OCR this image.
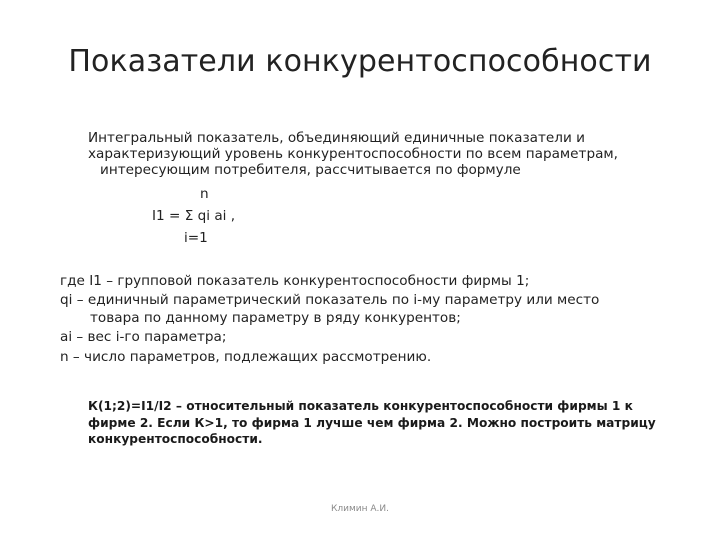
Показатели конкурентоспособности
Интегральный показатель, объединяющий единичные показатели и
характеризующий уровень конкурентоспособности по всем параметрам,
интересующим потребителя, рассчитывается по формуле
n
I1 = Σ qi ai ,
i=1
где I1 – групповой показатель конкурентоспособности фирмы 1;
qi – единичный параметрический показатель по i-му параметру или место
товара по данному параметру в ряду конкурентов;
ai – вес i-го параметра;
n – число параметров, подлежащих рассмотрению.
К(1;2)=I1/I2 – относительный показатель конкурентоспособности фирмы 1 к
фирме 2. Если К>1, то фирма 1 лучше чем фирма 2. Можно построить матрицу
конкурентоспособности.
Климин А.И.
